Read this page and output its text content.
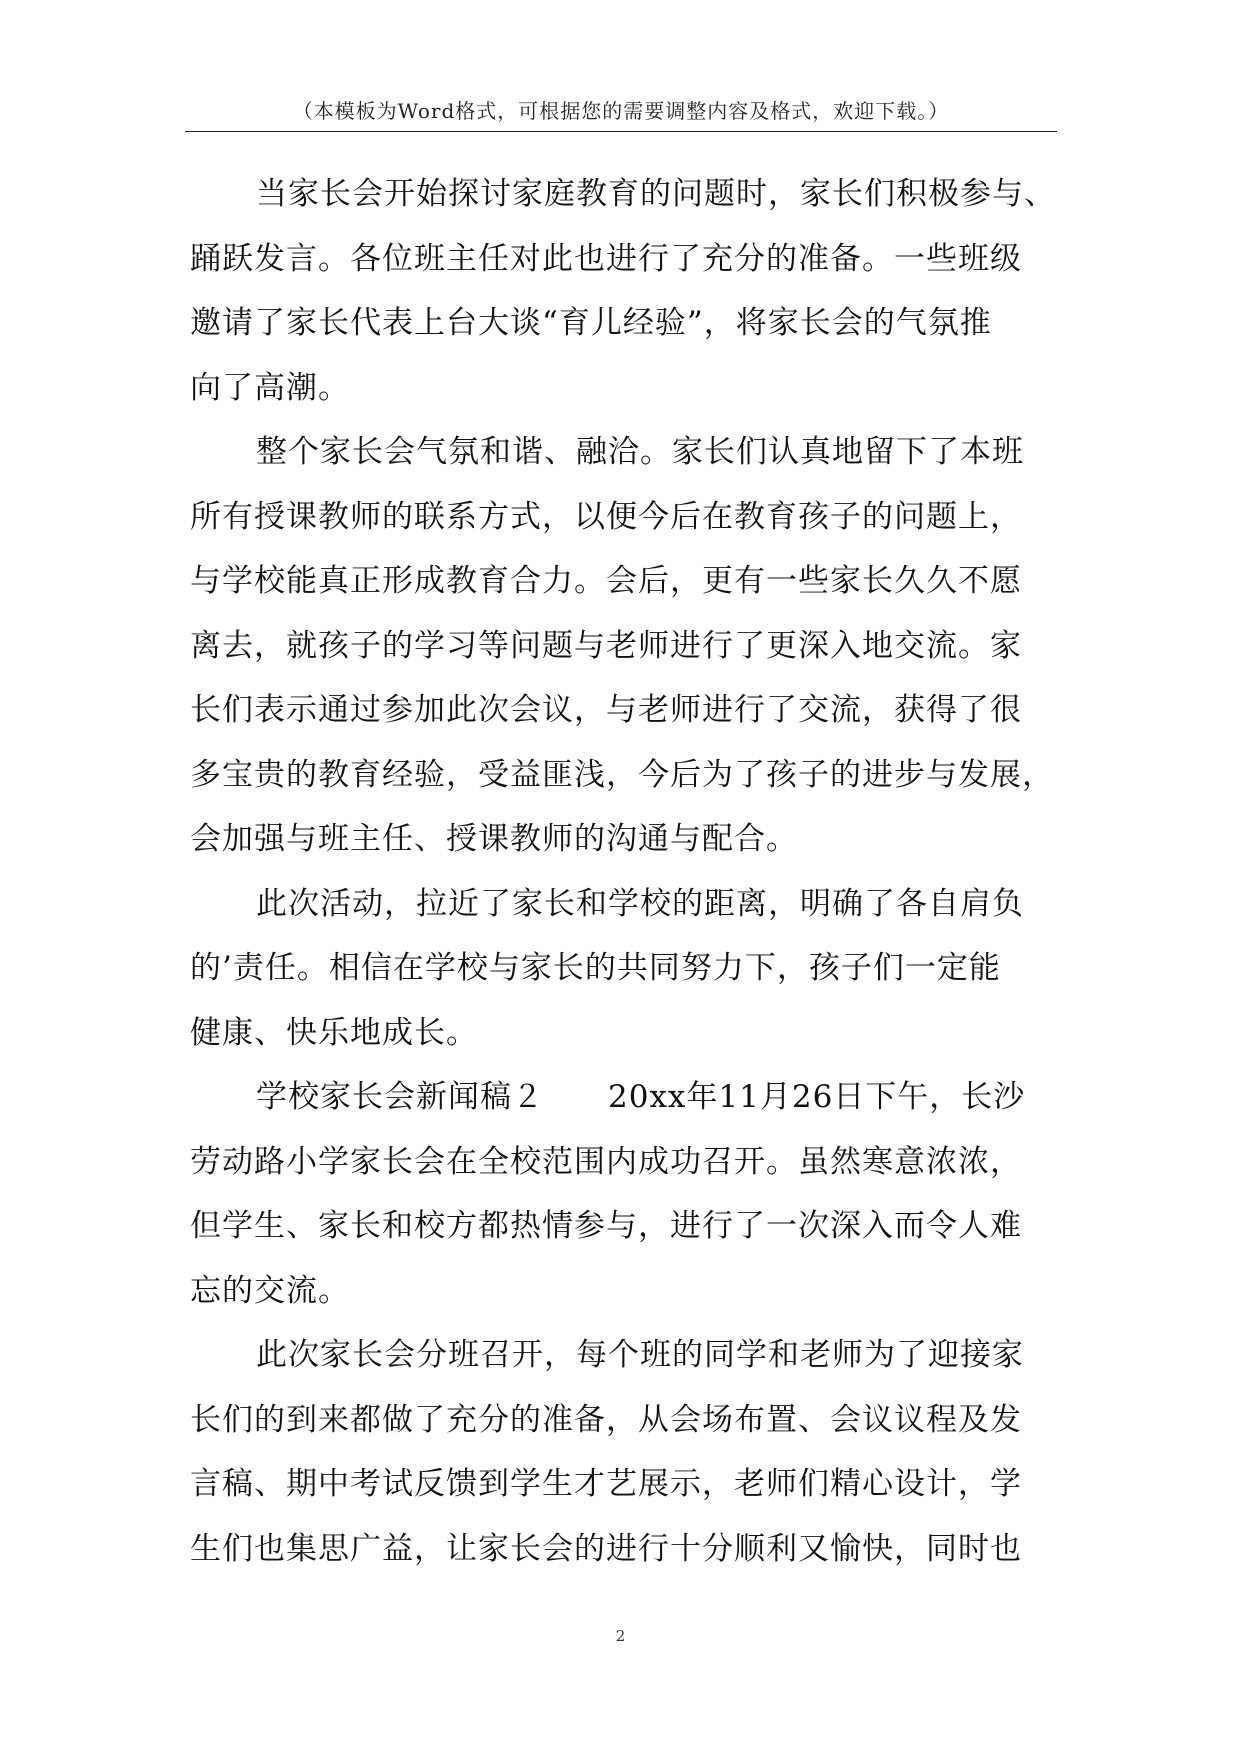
（本模板为Word格式，可根据您的需要调整内容及格式，欢迎下载。）
当家长会开始探讨家庭教育的问题时，家长们积极参与、
踊跃发言。各位班主任对此也进行了充分的准备。一些班级
邀请了家长代表上台大谈“育儿经验”，将家长会的气氛推
向了高潮。
整个家长会气氛和谐、融洽。家长们认真地留下了本班
所有授课教师的联系方式，以便今后在教育孩子的问题上，
与学校能真正形成教育合力。会后，更有一些家长久久不愿
离去，就孩子的学习等问题与老师进行了更深入地交流。家
长们表示通过参加此次会议，与老师进行了交流，获得了很
多宝贵的教育经验，受益匪浅，今后为了孩子的进步与发展，
会加强与班主任、授课教师的沟通与配合。
此次活动，拉近了家长和学校的距离，明确了各自肩负
的’责任。相信在学校与家长的共同努力下，孩子们一定能
健康、快乐地成长。
学校家长会新闻稿２　　20xx年11月26日下午，长沙
劳动路小学家长会在全校范围内成功召开。虽然寒意浓浓，
但学生、家长和校方都热情参与，进行了一次深入而令人难
忘的交流。
此次家长会分班召开，每个班的同学和老师为了迎接家
长们的到来都做了充分的准备，从会场布置、会议议程及发
言稿、期中考试反馈到学生才艺展示，老师们精心设计，学
生们也集思广益，让家长会的进行十分顺利又愉快，同时也
2
